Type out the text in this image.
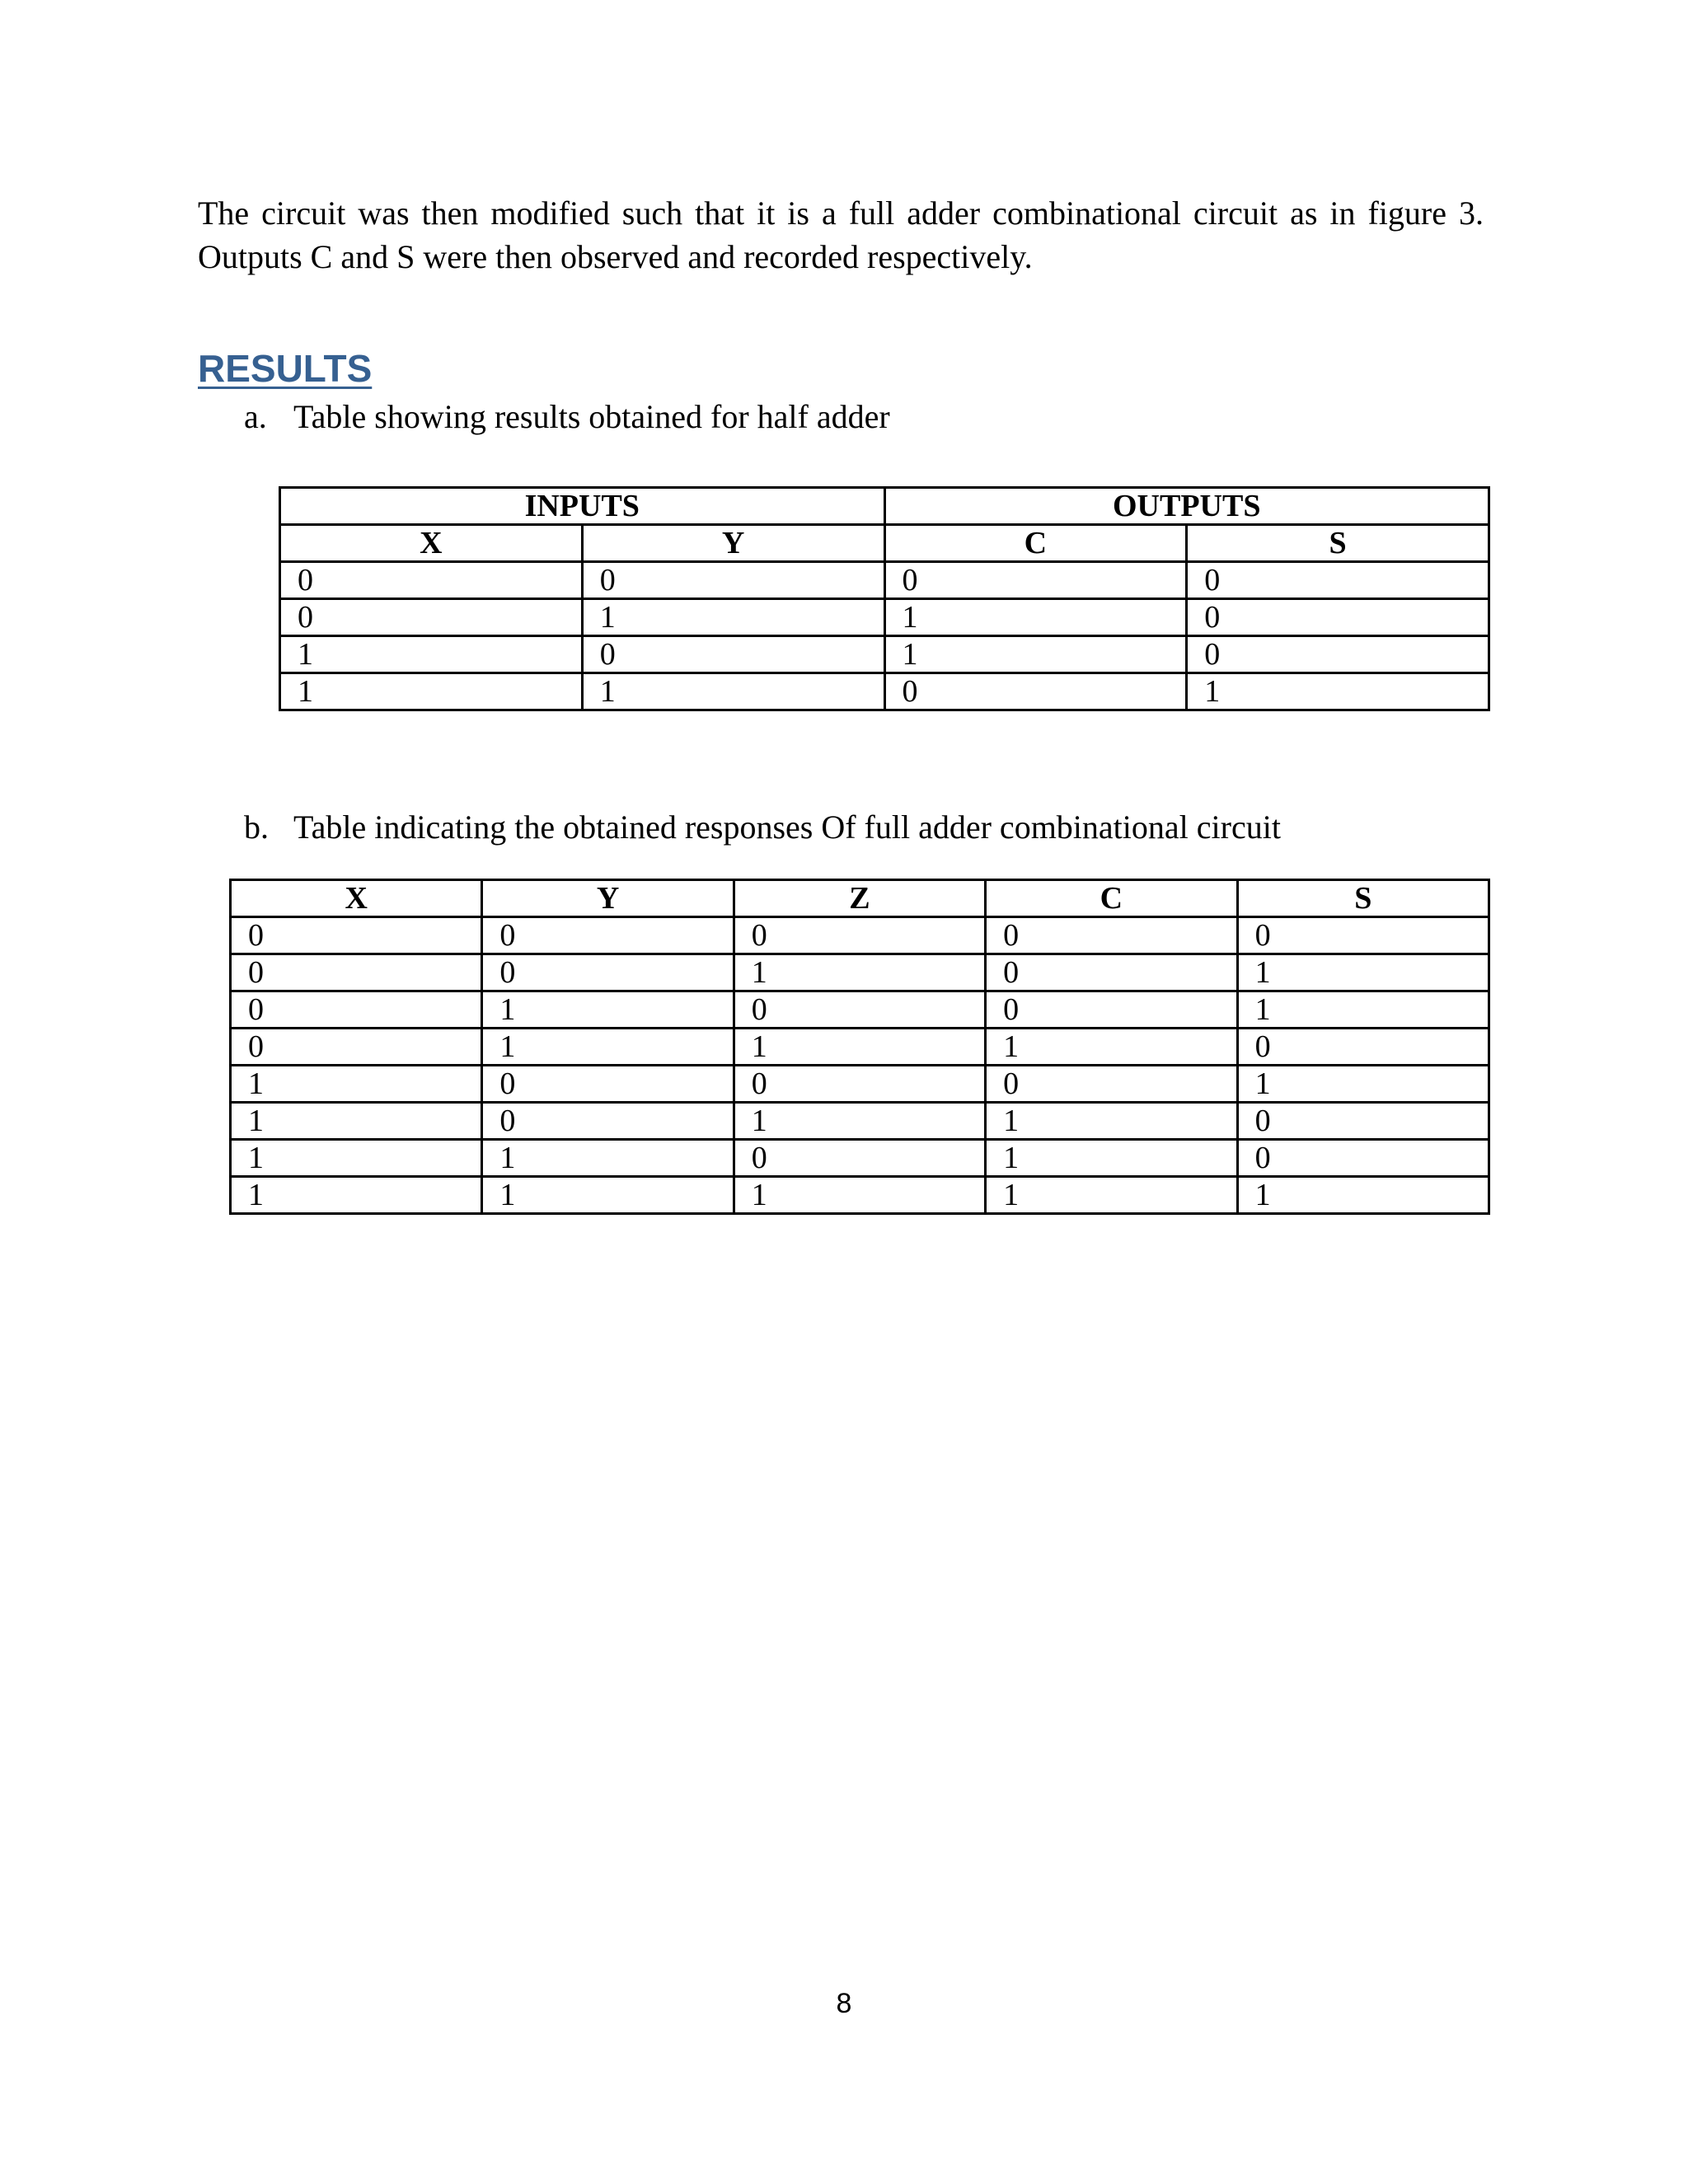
The circuit was then modified such that it is a full adder combinational circuit as in figure 3.
Outputs C and S were then observed and recorded respectively.
RESULTS
a. Table showing results obtained for half adder
INPUTS		OUTPUTS	
X	Y	C	S
0	0	0	0
0	1	1	0
1	0	1	0
1	1	0	1
b. Table indicating the obtained responses Of full adder combinational circuit
X	Y	Z	C	S
0	0	0	0	0
0	0	1	0	1
0	1	0	0	1
0	1	1	1	0
1	0	0	0	1
1	0	1	1	0
1	1	0	1	0
1	1	1	1	1
8
